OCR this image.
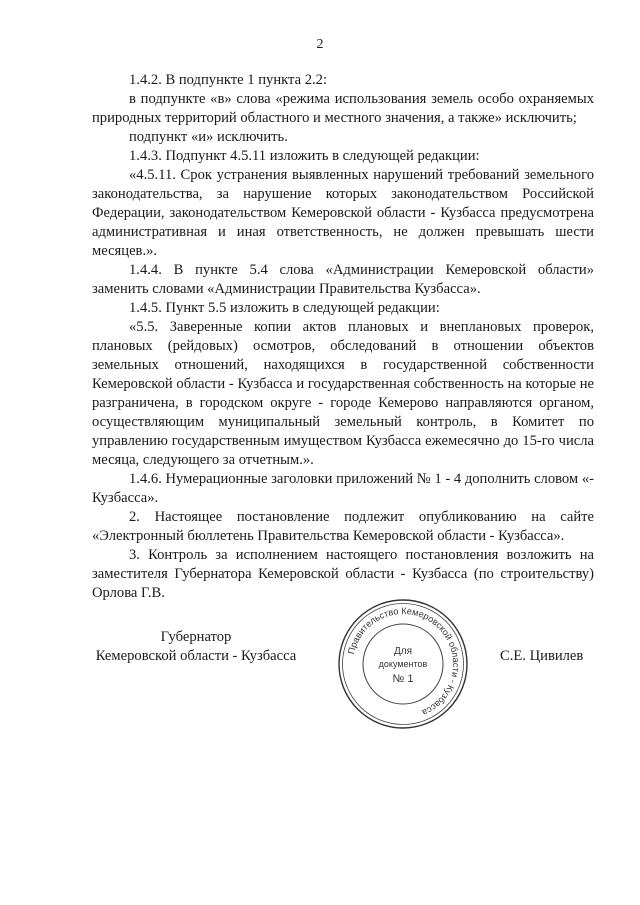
2

1.4.2. В подпункте 1 пункта 2.2:

в подпункте «в» слова «режима использования земель особо охраняемых природных территорий областного и местного значения, а также» исключить;

подпункт «и» исключить.

1.4.3. Подпункт 4.5.11 изложить в следующей редакции:

«4.5.11. Срок устранения выявленных нарушений требований земельного законодательства, за нарушение которых законодательством Российской Федерации, законодательством Кемеровской области - Кузбасса предусмотрена административная и иная ответственность, не должен превышать шести месяцев.».

1.4.4. В пункте 5.4 слова «Администрации Кемеровской области» заменить словами «Администрации Правительства Кузбасса».

1.4.5. Пункт 5.5 изложить в следующей редакции:

«5.5. Заверенные копии актов плановых и внеплановых проверок, плановых (рейдовых) осмотров, обследований в отношении объектов земельных отношений, находящихся в государственной собственности Кемеровской области - Кузбасса и государственная собственность на которые не разграничена, в городском округе - городе Кемерово направляются органом, осуществляющим муниципальный земельный контроль, в Комитет по управлению государственным имуществом Кузбасса ежемесячно до 15-го числа месяца, следующего за отчетным.».

1.4.6. Нумерационные заголовки приложений № 1 - 4 дополнить словом «- Кузбасса».

2. Настоящее постановление подлежит опубликованию на сайте «Электронный бюллетень Правительства Кемеровской области - Кузбасса».

3. Контроль за исполнением настоящего постановления возложить на заместителя Губернатора Кемеровской области - Кузбасса (по строительству) Орлова Г.В.

Губернатор
Кемеровской области - Кузбасса	Правительство Кемеровской области - Кузбасса
Для
документов
№ 1
С.Е. Цивилев
